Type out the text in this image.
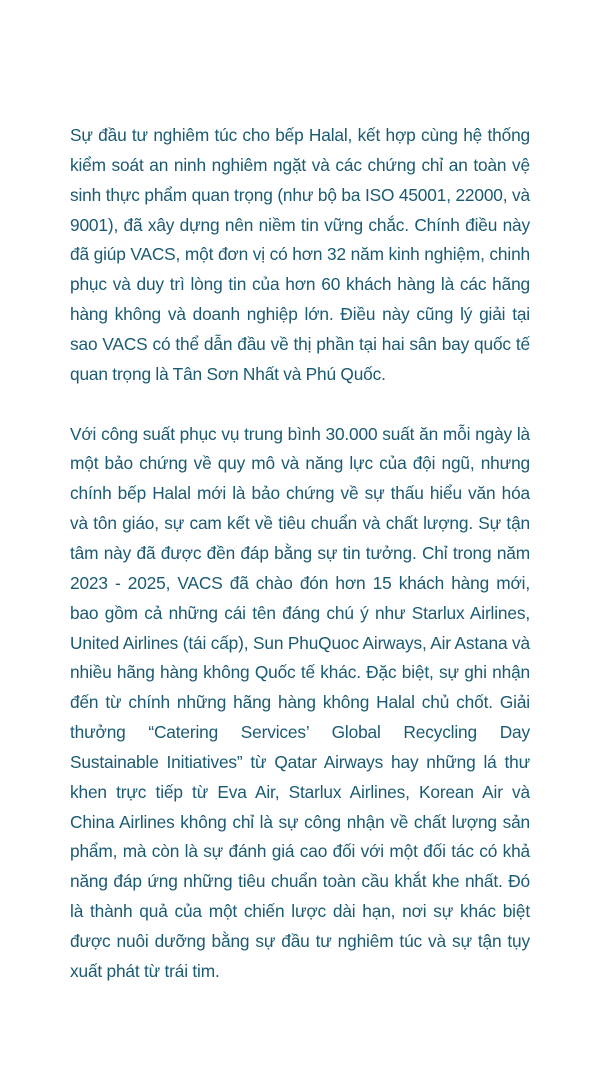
Sự đầu tư nghiêm túc cho bếp Halal, kết hợp cùng hệ thống kiểm soát an ninh nghiêm ngặt và các chứng chỉ an toàn vệ sinh thực phẩm quan trọng (như bộ ba ISO 45001, 22000, và 9001), đã xây dựng nên niềm tin vững chắc. Chính điều này đã giúp VACS, một đơn vị có hơn 32 năm kinh nghiệm, chinh phục và duy trì lòng tin của hơn 60 khách hàng là các hãng hàng không và doanh nghiệp lớn. Điều này cũng lý giải tại sao VACS có thể dẫn đầu về thị phần tại hai sân bay quốc tế quan trọng là Tân Sơn Nhất và Phú Quốc.

Với công suất phục vụ trung bình 30.000 suất ăn mỗi ngày là một bảo chứng về quy mô và năng lực của đội ngũ, nhưng chính bếp Halal mới là bảo chứng về sự thấu hiểu văn hóa và tôn giáo, sự cam kết về tiêu chuẩn và chất lượng. Sự tận tâm này đã được đền đáp bằng sự tin tưởng. Chỉ trong năm 2023 - 2025, VACS đã chào đón hơn 15 khách hàng mới, bao gồm cả những cái tên đáng chú ý như Starlux Airlines, United Airlines (tái cấp), Sun PhuQuoc Airways, Air Astana và nhiều hãng hàng không Quốc tế khác. Đặc biệt, sự ghi nhận đến từ chính những hãng hàng không Halal chủ chốt. Giải thưởng “Catering Services’ Global Recycling Day Sustainable Initiatives” từ Qatar Airways hay những lá thư khen trực tiếp từ Eva Air, Starlux Airlines, Korean Air và China Airlines không chỉ là sự công nhận về chất lượng sản phẩm, mà còn là sự đánh giá cao đối với một đối tác có khả năng đáp ứng những tiêu chuẩn toàn cầu khắt khe nhất. Đó là thành quả của một chiến lược dài hạn, nơi sự khác biệt được nuôi dưỡng bằng sự đầu tư nghiêm túc và sự tận tụy xuất phát từ trái tim.
